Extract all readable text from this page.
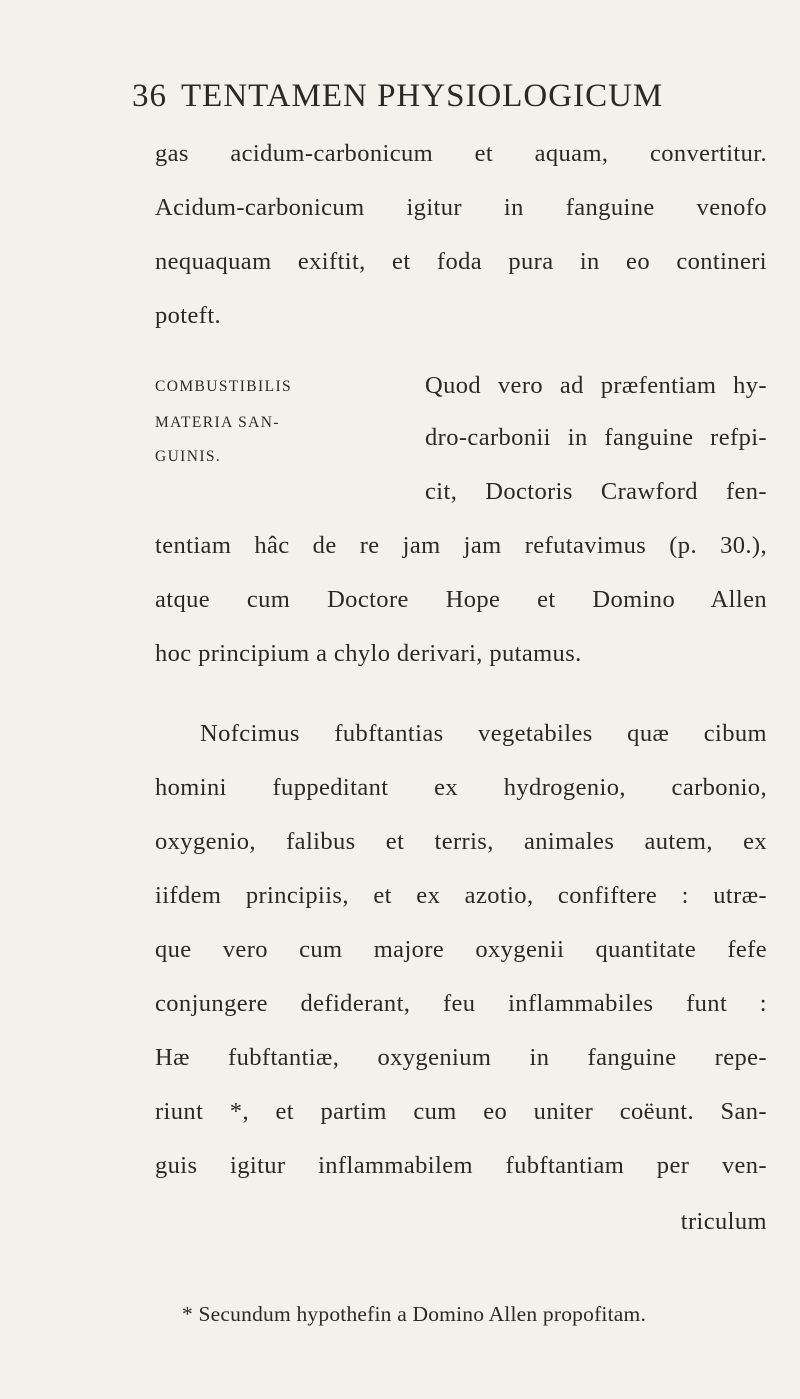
36 TENTAMEN PHYSIOLOGICUM
gas acidum-carbonicum et aquam, convertitur.
Acidum-carbonicum igitur in fanguine venofo
nequaquam exiftit, et foda pura in eo contineri
poteft.
COMBUSTIBILIS
MATERIA SAN-
GUINIS.
Quod vero ad præfentiam hy-
dro-carbonii in fanguine refpi-
cit, Doctoris Crawford fen-
tentiam hâc de re jam jam refutavimus (p. 30.),
atque cum Doctore Hope et Domino Allen
hoc principium a chylo derivari, putamus.
Nofcimus fubftantias vegetabiles quæ cibum
homini fuppeditant ex hydrogenio, carbonio,
oxygenio, falibus et terris, animales autem, ex
iifdem principiis, et ex azotio, confiftere : utræ-
que vero cum majore oxygenii quantitate fefe
conjungere defiderant, feu inflammabiles funt :
Hæ fubftantiæ, oxygenium in fanguine repe-
riunt *, et partim cum eo uniter coëunt. San-
guis igitur inflammabilem fubftantiam per ven-
triculum
* Secundum hypothefin a Domino Allen propofitam.
